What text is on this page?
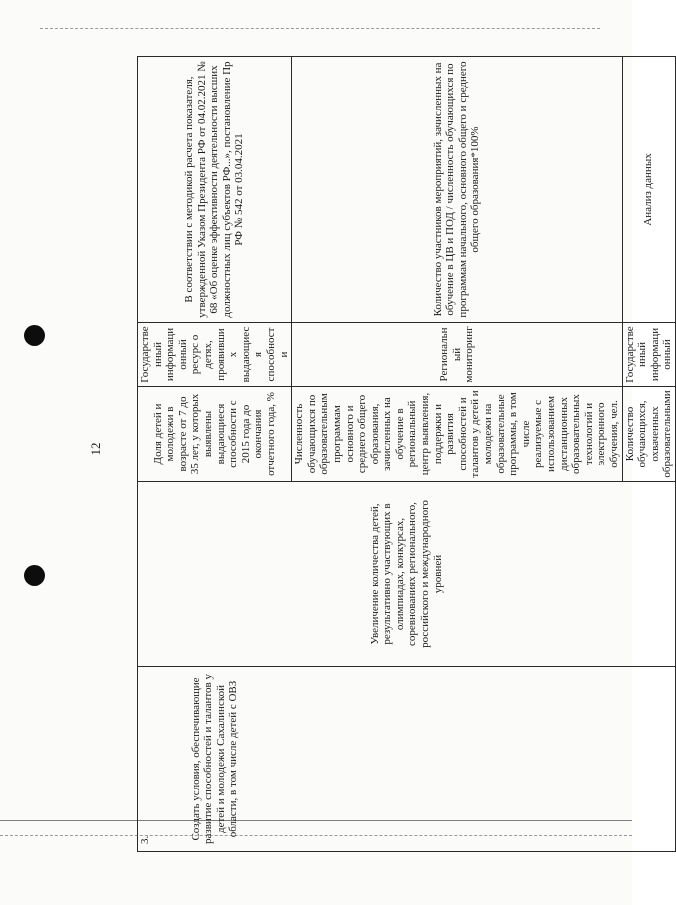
12
3. Создать условия, обеспечивающие развитие способностей и талантов у детей и молодежи Сахалинской области, в том числе детей с ОВЗ	Увеличение количества детей, результативно участвующих в олимпиадах, конкурсах, соревнованиях регионального, российского и международного уровней	Доля детей и молодежи в возрасте от 7 до 35 лет, у которых выявлены выдающиеся способности с 2015 года до окончания отчетного года, %	Государственный информационный ресурс о детях, проявивших выдающиеся способности	В соответствии с методикой расчета показателя, утвержденной Указом Президента РФ от 04.02.2021 № 68 «Об оценке эффективности деятельности высших должностных лиц субъектов РФ...», постановление Пр РФ № 542 от 03.04.2021
		Численность обучающихся по образовательным программам основного и среднего общего образования, зачисленных на обучение в региональный центр выявления, поддержки и развития способностей и талантов у детей и молодежи на образовательные программы, в том числе реализуемые с использованием дистанционных образовательных технологий и электронного обучения, чел.	Региональный мониторинг	Количество участников мероприятий, зачисленных на обучение в ЦВ и ПОД / численность обучающихся по программам начального, основного общего и среднего общего образования*100%
		Количество обучающихся, охваченных образовательными	Государственный информационный	Анализ данных
